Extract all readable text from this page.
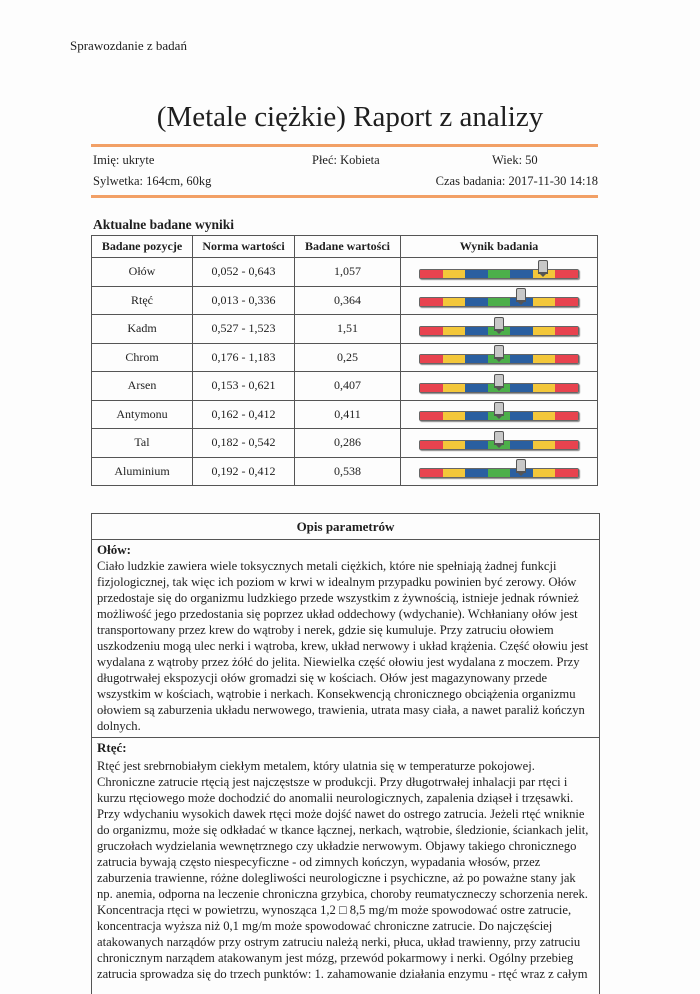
Sprawozdanie z badań
(Metale ciężkie) Raport z analizy
Imię: ukryte	Płeć: Kobieta	Wiek: 50
Sylwetka: 164cm, 60kg	Czas badania: 2017-11-30 14:18
Aktualne badane wyniki
Badane pozycje	Norma wartości	Badane wartości	Wynik badania
Ołów	0,052 - 0,643	1,057	

Rtęć	0,013 - 0,336	0,364	

Kadm	0,527 - 1,523	1,51	

Chrom	0,176 - 1,183	0,25	

Arsen	0,153 - 0,621	0,407	

Antymonu	0,162 - 0,412	0,411	

Tal	0,182 - 0,542	0,286	

Aluminium	0,192 - 0,412	0,538	
Opis parametrów
Ołów:

Ciało ludzkie zawiera wiele toksycznych metali ciężkich, które nie spełniają żadnej funkcji fizjologicznej, tak więc ich poziom w krwi w idealnym przypadku powinien być zerowy. Ołów przedostaje się do organizmu ludzkiego przede wszystkim z żywnością, istnieje jednak również możliwość jego przedostania się poprzez układ oddechowy (wdychanie). Wchłaniany ołów jest transportowany przez krew do wątroby i nerek, gdzie się kumuluje. Przy zatruciu ołowiem uszkodzeniu mogą ulec nerki i wątroba, krew, układ nerwowy i układ krążenia. Część ołowiu jest wydalana z wątroby przez żółć do jelita. Niewielka część ołowiu jest wydalana z moczem. Przy długotrwałej ekspozycji ołów gromadzi się w kościach. Ołów jest magazynowany przede wszystkim w kościach, wątrobie i nerkach. Konsekwencją chronicznego obciążenia organizmu ołowiem są zaburzenia układu nerwowego, trawienia, utrata masy ciała, a nawet paraliż kończyn dolnych.

Rtęć:

Rtęć jest srebrnobiałym ciekłym metalem, który ulatnia się w temperaturze pokojowej. Chroniczne zatrucie rtęcią jest najczęstsze w produkcji. Przy długotrwałej inhalacji par rtęci i kurzu rtęciowego może dochodzić do anomalii neurologicznych, zapalenia dziąseł i trzęsawki. Przy wdychaniu wysokich dawek rtęci może dojść nawet do ostrego zatrucia. Jeżeli rtęć wniknie do organizmu, może się odkładać w tkance łącznej, nerkach, wątrobie, śledzionie, ściankach jelit, gruczołach wydzielania wewnętrznego czy układzie nerwowym. Objawy takiego chronicznego zatrucia bywają często niespecyficzne - od zimnych kończyn, wypadania włosów, przez zaburzenia trawienne, różne dolegliwości neurologiczne i psychiczne, aż po poważne stany jak np. anemia, odporna na leczenie chroniczna grzybica, choroby reumatyczneczy schorzenia nerek. Koncentracja rtęci w powietrzu, wynosząca 1,2 □ 8,5 mg/m może spowodować ostre zatrucie, koncentracja wyższa niż 0,1 mg/m może spowodować chroniczne zatrucie. Do najczęściej atakowanych narządów przy ostrym zatruciu należą nerki, płuca, układ trawienny, przy zatruciu chronicznym narządem atakowanym jest mózg, przewód pokarmowy i nerki. Ogólny przebieg zatrucia sprowadza się do trzech punktów: 1. zahamowanie działania enzymu - rtęć wraz z całym
